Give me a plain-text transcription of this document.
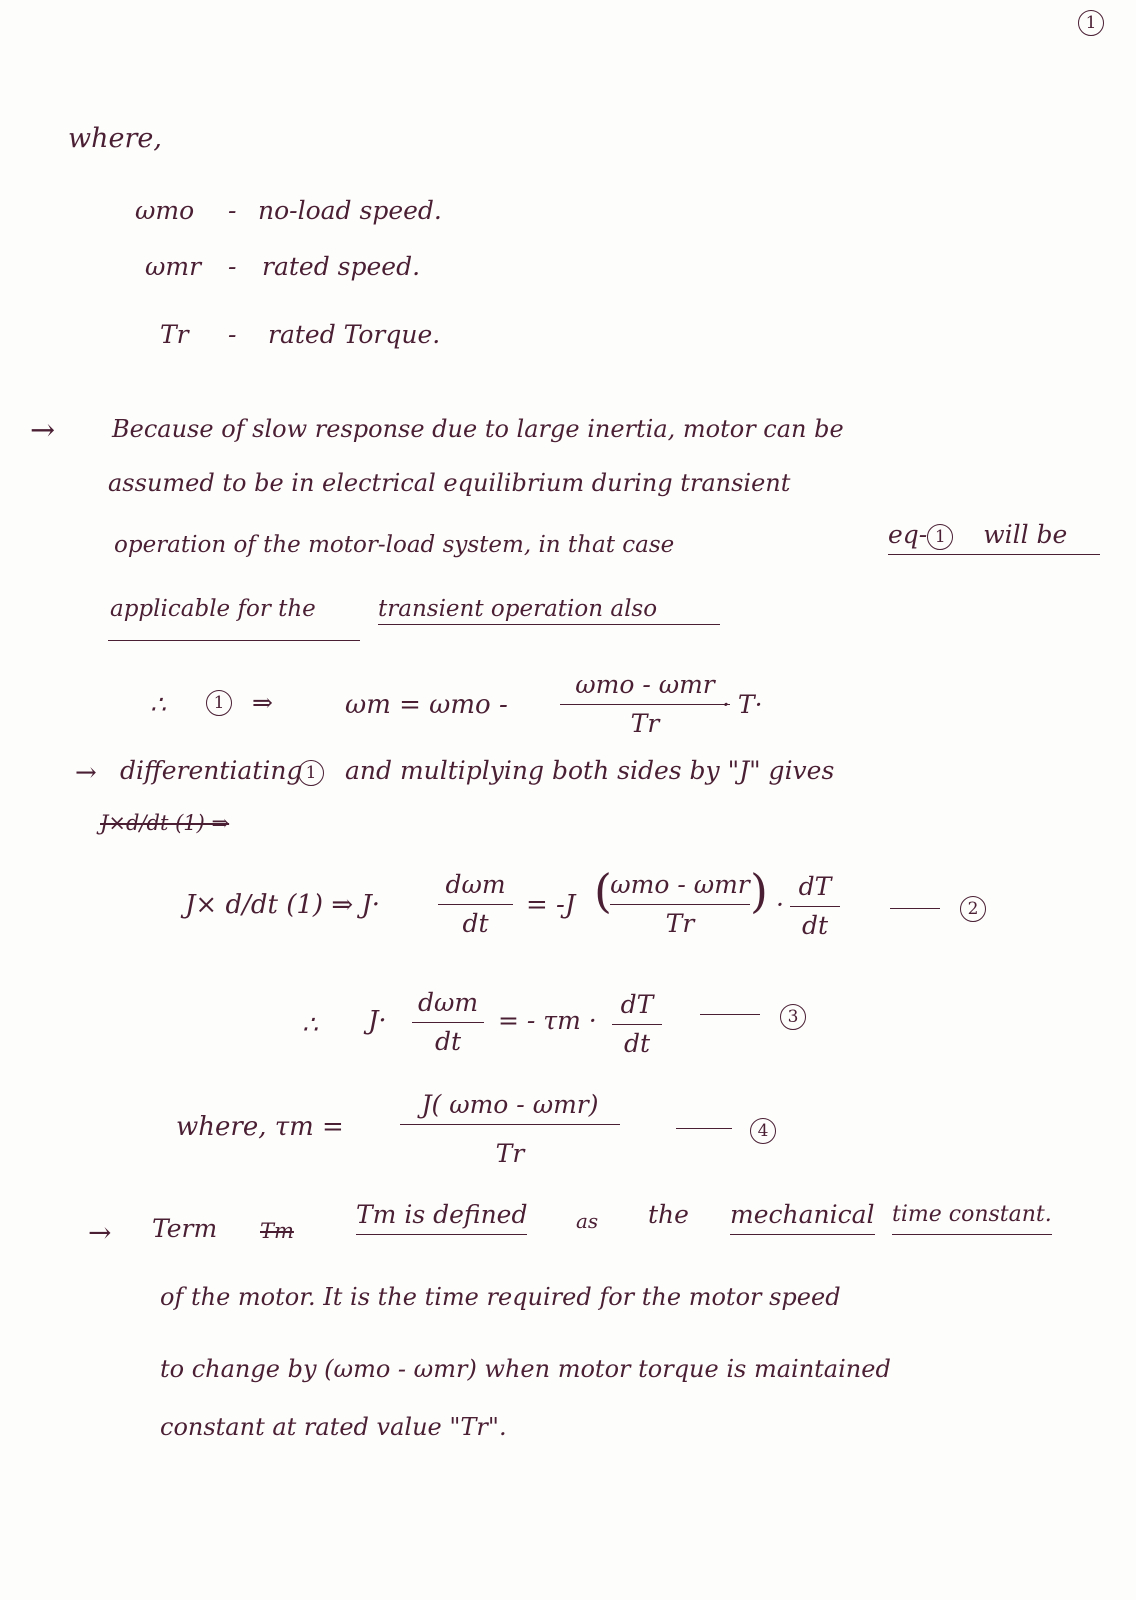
1
where,
ωmo - no-load speed.
ωmr - rated speed.
Tr - rated Torque.
→ Because of slow response due to large inertia, motor can be
assumed to be in electrical equilibrium during transient
operation of the motor-load system, in that case	eq- 1 will be
applicable for the	transient operation also
∴	1	⇒	ωm = ωmo -
ωmo - ωmr
Tr
· T·
→ differentiating 1	and multiplying both sides by "J" gives
J×d/dt (1) ⇒
J× d/dt (1) ⇒ J·
dωm
dt
= -J (
ωmo - ωmr
Tr
) ·
dT
dt
2
∴ J·
dωm
dt
= - τm ·
dT
dt
3
where, τm =
J( ωmo - ωmr)
Tr
4
→ Term Tm
Tm is defined as the mechanical time constant.
of the motor. It is the time required for the motor speed
to change by (ωmo - ωmr) when motor torque is maintained
constant at rated value "Tr".
